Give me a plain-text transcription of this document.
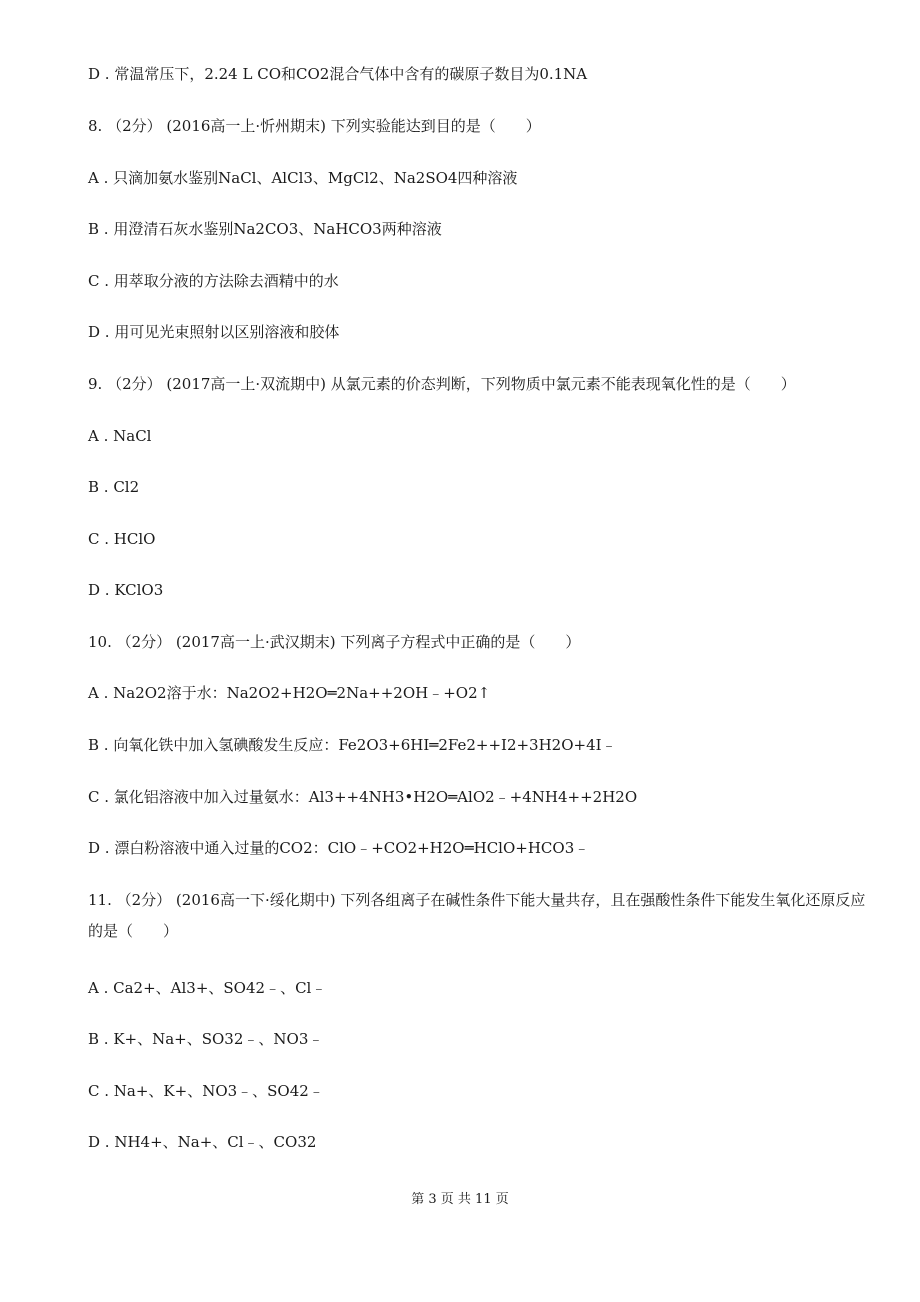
D . 常温常压下，2.24 L CO和CO2混合气体中含有的碳原子数目为0.1NA
8. （2分） (2016高一上·忻州期末) 下列实验能达到目的是（　　）
A . 只滴加氨水鉴别NaCl、AlCl3、MgCl2、Na2SO4四种溶液
B . 用澄清石灰水鉴别Na2CO3、NaHCO3两种溶液
C . 用萃取分液的方法除去酒精中的水
D . 用可见光束照射以区别溶液和胶体
9. （2分） (2017高一上·双流期中) 从氯元素的价态判断，下列物质中氯元素不能表现氧化性的是（　　）
A . NaCl
B . Cl2
C . HClO
D . KClO3
10. （2分） (2017高一上·武汉期末) 下列离子方程式中正确的是（　　）
A . Na2O2溶于水：Na2O2+H2O═2Na++2OH﹣+O2↑
B . 向氧化铁中加入氢碘酸发生反应：Fe2O3+6HI═2Fe2++I2+3H2O+4I﹣
C . 氯化铝溶液中加入过量氨水：Al3++4NH3•H2O═AlO2﹣+4NH4++2H2O
D . 漂白粉溶液中通入过量的CO2：ClO﹣+CO2+H2O═HClO+HCO3﹣
11. （2分） (2016高一下·绥化期中) 下列各组离子在碱性条件下能大量共存，且在强酸性条件下能发生氧化还原反应的是（　　）
A . Ca2+、Al3+、SO42﹣、Cl﹣
B . K+、Na+、SO32﹣、NO3﹣
C . Na+、K+、NO3﹣、SO42﹣
D . NH4+、Na+、Cl﹣、CO32
第 3 页 共 11 页
